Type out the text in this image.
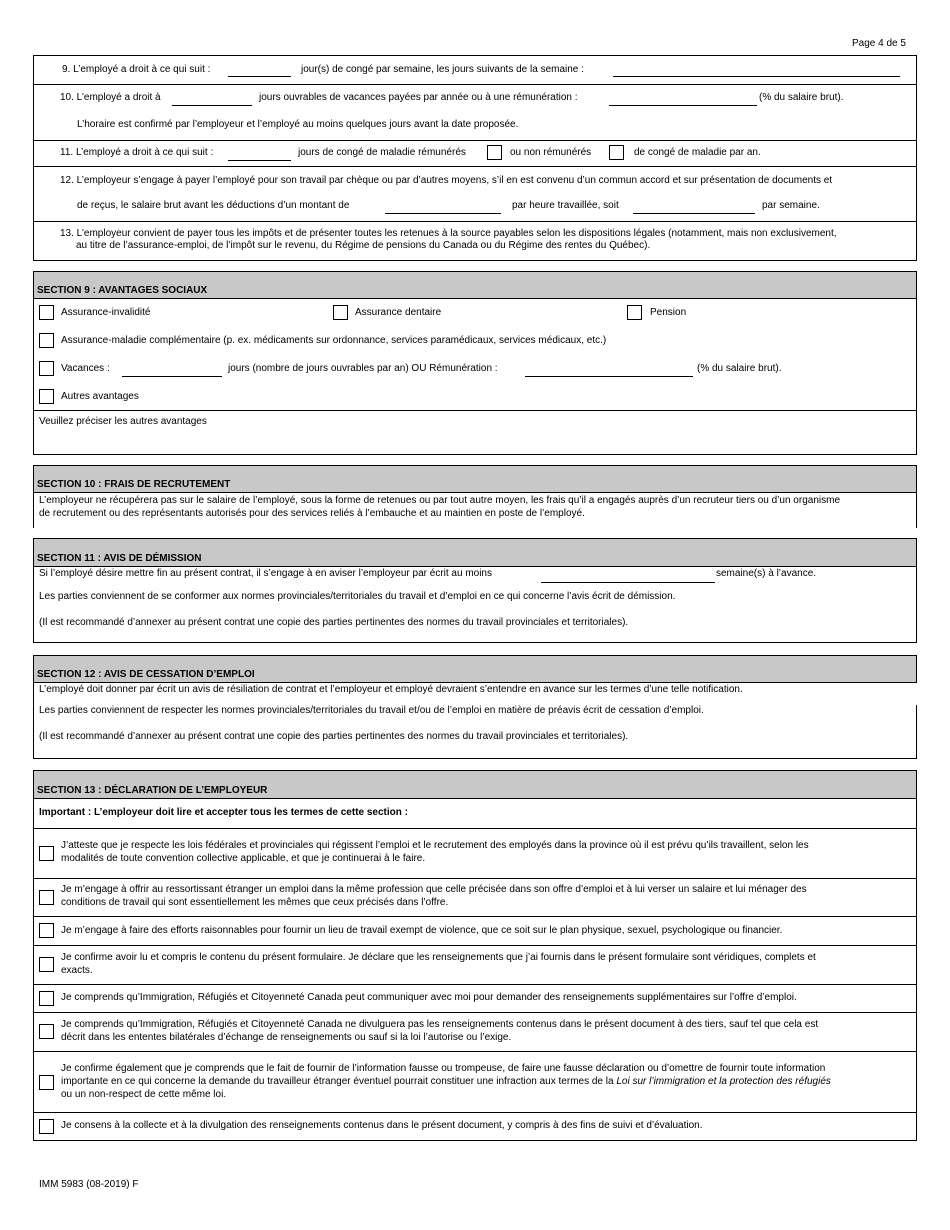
Page 4 de 5
9. L’employé a droit à ce qui suit :	jour(s) de congé par semaine, les jours suivants de la semaine :
10. L’employé a droit à	jours ouvrables de vacances payées par année ou à une rémunération :	(% du salaire brut).
L’horaire est confirmé par l’employeur et l’employé au moins quelques jours avant la date proposée.
11. L’employé a droit à ce qui suit :	jours de congé de maladie rémunérés	ou non rémunérés	de congé de maladie par an.
12. L’employeur s’engage à payer l’employé pour son travail par chèque ou par d’autres moyens, s’il en est convenu d’un commun accord et sur présentation de documents et
de reçus, le salaire brut avant les déductions d’un montant de	par heure travaillée, soit	par semaine.
13. L’employeur convient de payer tous les impôts et de présenter toutes les retenues à la source payables selon les dispositions légales (notamment, mais non exclusivement,
au titre de l’assurance-emploi, de l’impôt sur le revenu, du Régime de pensions du Canada ou du Régime des rentes du Québec).
SECTION 9 : AVANTAGES SOCIAUX
Assurance-invalidité	Assurance dentaire	Pension
Assurance-maladie complémentaire (p. ex. médicaments sur ordonnance, services paramédicaux, services médicaux, etc.)
Vacances :	jours (nombre de jours ouvrables par an) OU Rémunération :	(% du salaire brut).
Autres avantages
Veuillez préciser les autres avantages
SECTION 10 : FRAIS DE RECRUTEMENT
L’employeur ne récupérera pas sur le salaire de l’employé, sous la forme de retenues ou par tout autre moyen, les frais qu’il a engagés auprès d’un recruteur tiers ou d’un organisme
de recrutement ou des représentants autorisés pour des services reliés à l’embauche et au maintien en poste de l’employé.
SECTION 11 : AVIS DE DÉMISSION
Si l’employé désire mettre fin au présent contrat, il s’engage à en aviser l’employeur par écrit au moins	semaine(s) à l’avance.
Les parties conviennent de se conformer aux normes provinciales/territoriales du travail et d’emploi en ce qui concerne l’avis écrit de démission.
(Il est recommandé d’annexer au présent contrat une copie des parties pertinentes des normes du travail provinciales et territoriales).
SECTION 12 : AVIS DE CESSATION D’EMPLOI
L’employé doit donner par écrit un avis de résiliation de contrat et l’employeur et employé devraient s’entendre en avance sur les termes d’une telle notification.
Les parties conviennent de respecter les normes provinciales/territoriales du travail et/ou de l’emploi en matière de préavis écrit de cessation d’emploi.
(Il est recommandé d’annexer au présent contrat une copie des parties pertinentes des normes du travail provinciales et territoriales).
SECTION 13 : DÉCLARATION DE L’EMPLOYEUR
Important : L’employeur doit lire et accepter tous les termes de cette section :
J’atteste que je respecte les lois fédérales et provinciales qui régissent l’emploi et le recrutement des employés dans la province où il est prévu qu’ils travaillent, selon les
modalités de toute convention collective applicable, et que je continuerai à le faire.
Je m’engage à offrir au ressortissant étranger un emploi dans la même profession que celle précisée dans son offre d’emploi et à lui verser un salaire et lui ménager des
conditions de travail qui sont essentiellement les mêmes que ceux précisés dans l’offre.
Je m’engage à faire des efforts raisonnables pour fournir un lieu de travail exempt de violence, que ce soit sur le plan physique, sexuel, psychologique ou financier.
Je confirme avoir lu et compris le contenu du présent formulaire. Je déclare que les renseignements que j’ai fournis dans le présent formulaire sont véridiques, complets et
exacts.
Je comprends qu’Immigration, Réfugiés et Citoyenneté Canada peut communiquer avec moi pour demander des renseignements supplémentaires sur l’offre d’emploi.
Je comprends qu’Immigration, Réfugiés et Citoyenneté Canada ne divulguera pas les renseignements contenus dans le présent document à des tiers, sauf tel que cela est
décrit dans les ententes bilatérales d’échange de renseignements ou sauf si la loi l’autorise ou l’exige.
Je confirme également que je comprends que le fait de fournir de l’information fausse ou trompeuse, de faire une fausse déclaration ou d’omettre de fournir toute information
importante en ce qui concerne la demande du travailleur étranger éventuel pourrait constituer une infraction aux termes de la Loi sur l’immigration et la protection des réfugiés
ou un non-respect de cette même loi.
Je consens à la collecte et à la divulgation des renseignements contenus dans le présent document, y compris à des fins de suivi et d’évaluation.
IMM 5983 (08-2019) F
